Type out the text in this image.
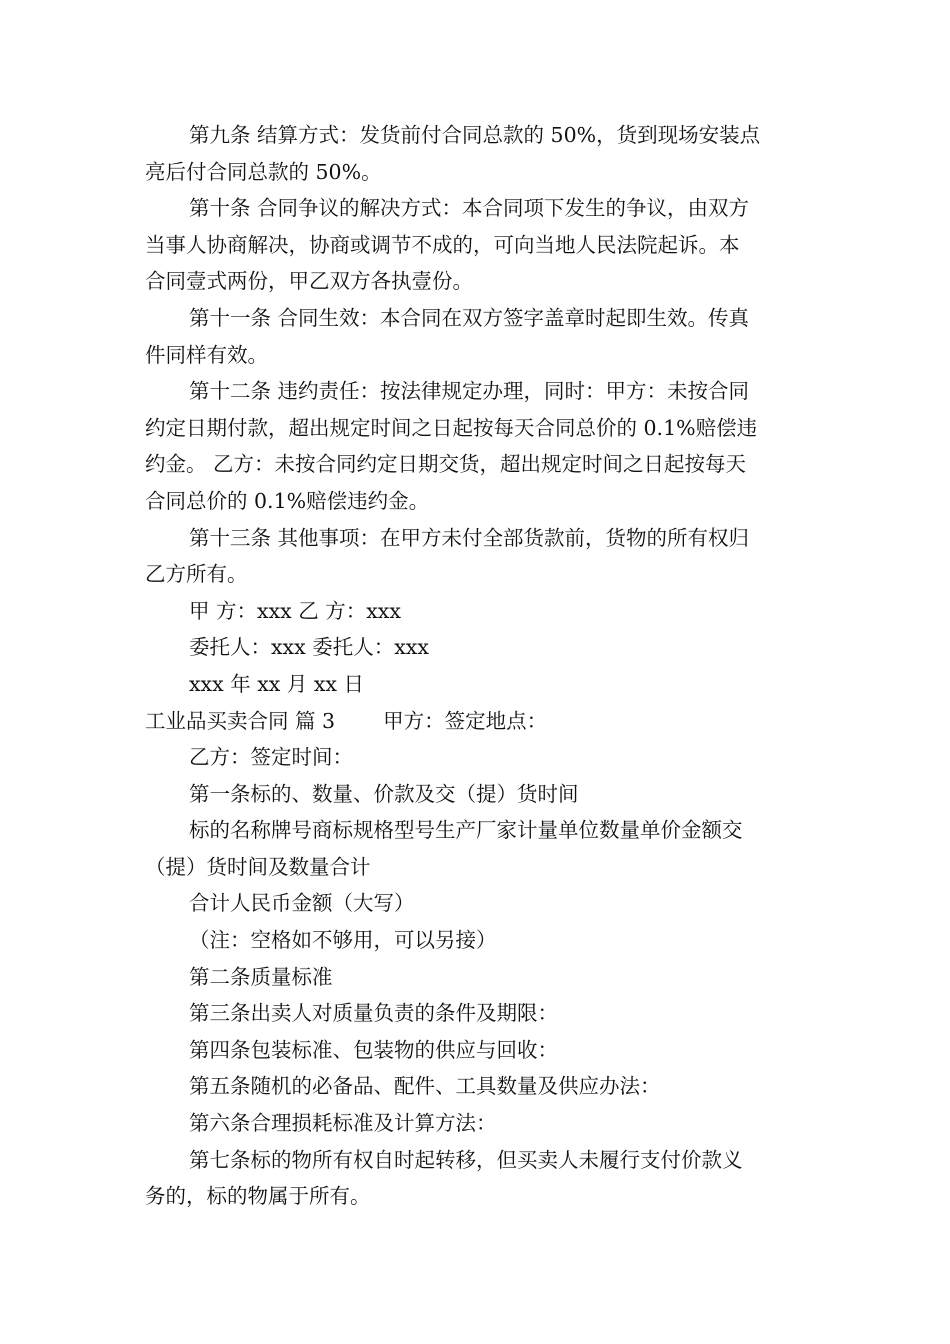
第九条 结算方式：发货前付合同总款的 50%，货到现场安装点
亮后付合同总款的 50%。
第十条 合同争议的解决方式：本合同项下发生的争议，由双方
当事人协商解决，协商或调节不成的，可向当地人民法院起诉。本
合同壹式两份，甲乙双方各执壹份。
第十一条 合同生效：本合同在双方签字盖章时起即生效。传真
件同样有效。
第十二条 违约责任：按法律规定办理，同时：甲方：未按合同
约定日期付款，超出规定时间之日起按每天合同总价的 0.1%赔偿违
约金。 乙方：未按合同约定日期交货，超出规定时间之日起按每天
合同总价的 0.1%赔偿违约金。
第十三条 其他事项：在甲方未付全部货款前，货物的所有权归
乙方所有。
甲 方：xxx 乙 方：xxx
委托人：xxx 委托人：xxx
xxx 年 xx 月 xx 日
工业品买卖合同 篇 3 甲方：签定地点：
乙方：签定时间：
第一条标的、数量、价款及交（提）货时间
标的名称牌号商标规格型号生产厂家计量单位数量单价金额交
（提）货时间及数量合计
合计人民币金额（大写）
（注：空格如不够用，可以另接）
第二条质量标准
第三条出卖人对质量负责的条件及期限：
第四条包装标准、包装物的供应与回收：
第五条随机的必备品、配件、工具数量及供应办法：
第六条合理损耗标准及计算方法：
第七条标的物所有权自时起转移，但买卖人未履行支付价款义
务的，标的物属于所有。
